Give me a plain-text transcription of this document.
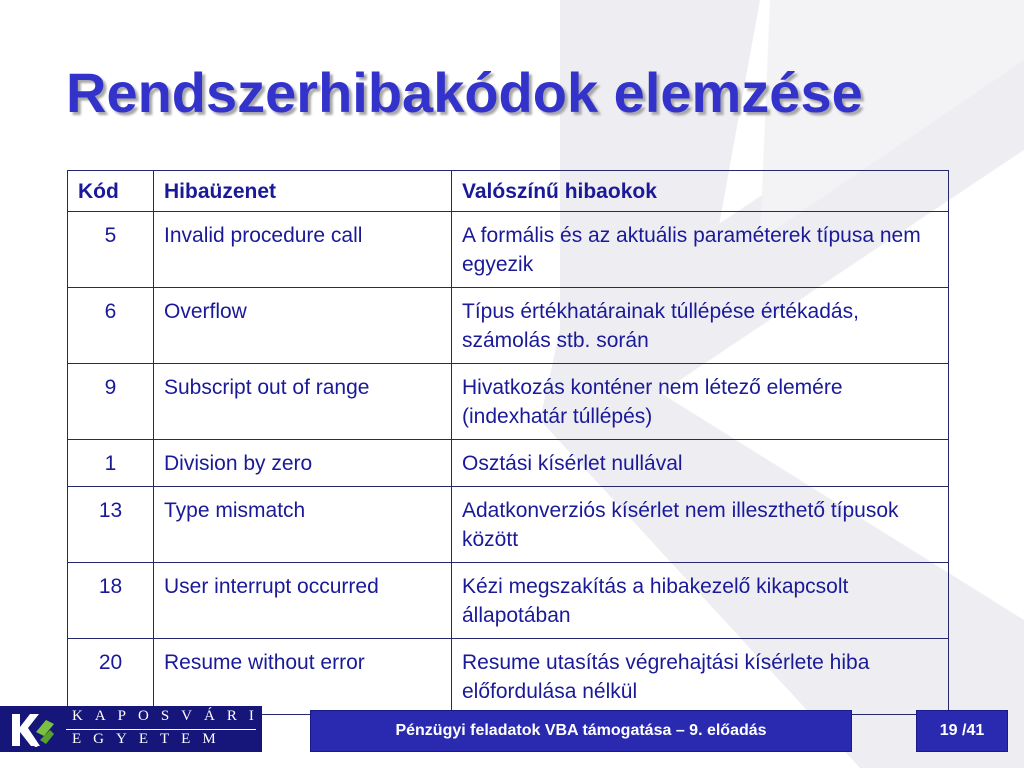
Rendszerhibakódok elemzése
Kód	Hibaüzenet	Valószínű hibaokok
5	Invalid procedure call	A formális és az aktuális paraméterek típusa nem egyezik
6	Overflow	Típus értékhatárainak túllépése értékadás, számolás stb. során
9	Subscript out of range	Hivatkozás konténer nem létező elemére (indexhatár túllépés)
1	Division by zero	Osztási kísérlet nullával
13	Type mismatch	Adatkonverziós kísérlet nem illeszthető típusok között
18	User interrupt occurred	Kézi megszakítás a hibakezelő kikapcsolt állapotában
20	Resume without error	Resume utasítás végrehajtási kísérlete hiba előfordulása nélkül
KAPOSVÁRI
EGYETEM	Pénzügyi feladatok VBA támogatása – 9. előadás	19 /41
